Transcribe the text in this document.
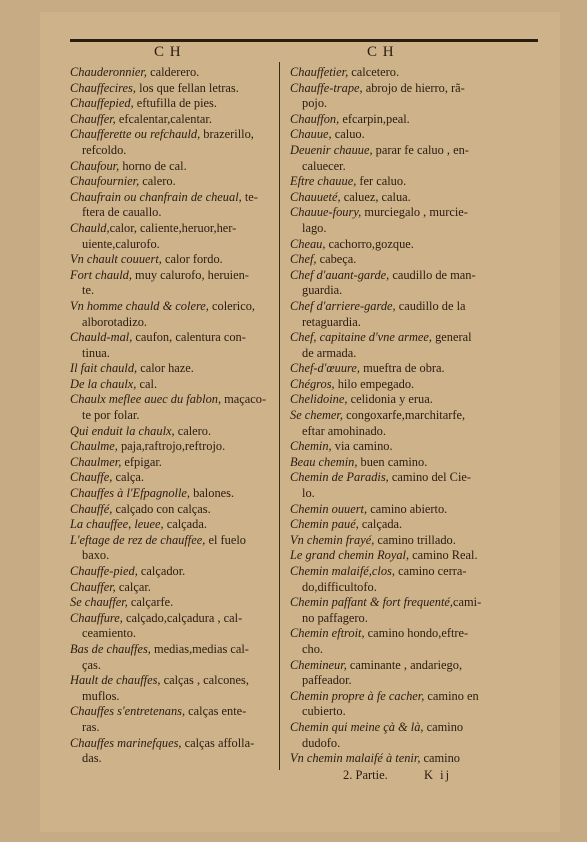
C H	C H
Chauderonnier, calderero.
Chauffecires, los que fellan letras.
Chauffepied, eftufilla de pies.
Chauffer, efcalentar,calentar.
Chaufferette ou refchauld, brazerillo,
refcoldo.
Chaufour, horno de cal.
Chaufournier, calero.
Chaufrain ou chanfrain de cheual, te-
ftera de cauallo.
Chauld,calor, caliente,heruor,her-
uiente,calurofo.
Vn chault couuert, calor fordo.
Fort chauld, muy calurofo, heruien-
te.
Vn homme chauld & colere, colerico,
alborotadizo.
Chauld-mal, caufon, calentura con-
tinua.
Il fait chauld, calor haze.
De la chaulx, cal.
Chaulx meflee auec du fablon, maçaco-
te por folar.
Qui enduit la chaulx, calero.
Chaulme, paja,raftrojo,reftrojo.
Chaulmer, efpigar.
Chauffe, calça.
Chauffes à l'Efpagnolle, balones.
Chauffé, calçado con calças.
La chauffee, leuee, calçada.
L'eftage de rez de chauffee, el fuelo
baxo.
Chauffe-pied, calçador.
Chauffer, calçar.
Se chauffer, calçarfe.
Chauffure, calçado,calçadura , cal-
ceamiento.
Bas de chauffes, medias,medias cal-
ças.
Hault de chauffes, calças , calcones,
muflos.
Chauffes s'entretenans, calças ente-
ras.
Chauffes marinefques, calças affolla-
das.
Chauffetier, calcetero.
Chauffe-trape, abrojo de hierro, rã-
pojo.
Chauffon, efcarpin,peal.
Chauue, caluo.
Deuenir chauue, parar fe caluo , en-
caluecer.
Eftre chauue, fer caluo.
Chauueté, caluez, calua.
Chauue-foury, murciegalo , murcie-
lago.
Cheau, cachorro,gozque.
Chef, cabeça.
Chef d'auant-garde, caudillo de man-
guardia.
Chef d'arriere-garde, caudillo de la
retaguardia.
Chef, capitaine d'vne armee, general
de armada.
Chef-d'œuure, mueftra de obra.
Chégros, hilo empegado.
Chelidoine, celidonia y erua.
Se chemer, congoxarfe,marchitarfe,
eftar amohinado.
Chemin, via camino.
Beau chemin, buen camino.
Chemin de Paradis, camino del Cie-
lo.
Chemin ouuert, camino abierto.
Chemin paué, calçada.
Vn chemin frayé, camino trillado.
Le grand chemin Royal, camino Real.
Chemin malaifé,clos, camino cerra-
do,difficultofo.
Chemin paffant & fort frequenté,cami-
no paffagero.
Chemin eftroit, camino hondo,eftre-
cho.
Chemineur, caminante , andariego,
paffeador.
Chemin propre à fe cacher, camino en
cubierto.
Chemin qui meine çà & là, camino
dudofo.
Vn chemin malaifé à tenir, camino
2. Partie.	K ij
